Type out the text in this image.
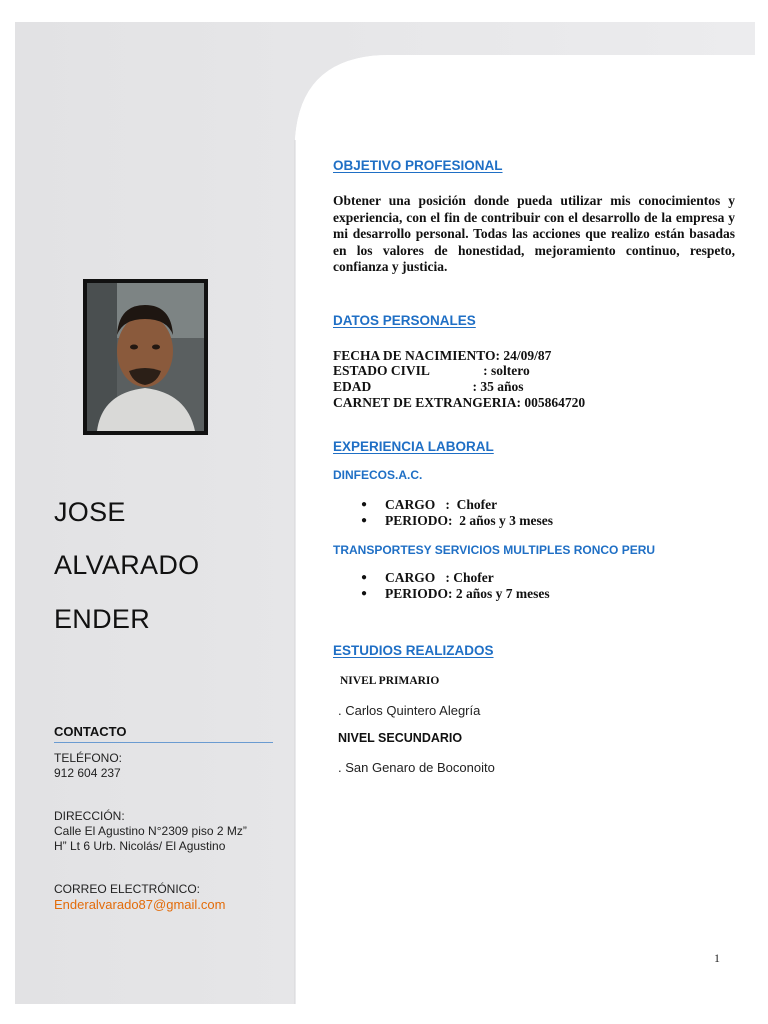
JOSE
ALVARADO
ENDER
CONTACTO
TELÉFONO:
912 604 237
DIRECCIÓN:
Calle El Agustino N°2309 piso 2 Mz”
H” Lt 6 Urb. Nicolás/ El Agustino
CORREO ELECTRÓNICO:
Enderalvarado87@gmail.com
OBJETIVO PROFESIONAL
Obtener una posición donde pueda utilizar mis conocimientos y experiencia, con el fin de contribuir con el desarrollo de la empresa y mi desarrollo personal. Todas las acciones que realizo están basadas en los valores de honestidad, mejoramiento continuo, respeto, confianza y justicia.
DATOS PERSONALES
FECHA DE NACIMIENTO: 24/09/87
ESTADO CIVIL                : soltero
EDAD                              : 35 años
CARNET DE EXTRANGERIA: 005864720
EXPERIENCIA LABORAL
DINFECOS.A.C.
● CARGO   :  Chofer
● PERIODO:  2 años y 3 meses
TRANSPORTESY SERVICIOS MULTIPLES RONCO PERU
● CARGO   : Chofer
● PERIODO: 2 años y 7 meses
ESTUDIOS REALIZADOS
NIVEL PRIMARIO
. Carlos Quintero Alegría
NIVEL SECUNDARIO
. San Genaro de Boconoito
1
